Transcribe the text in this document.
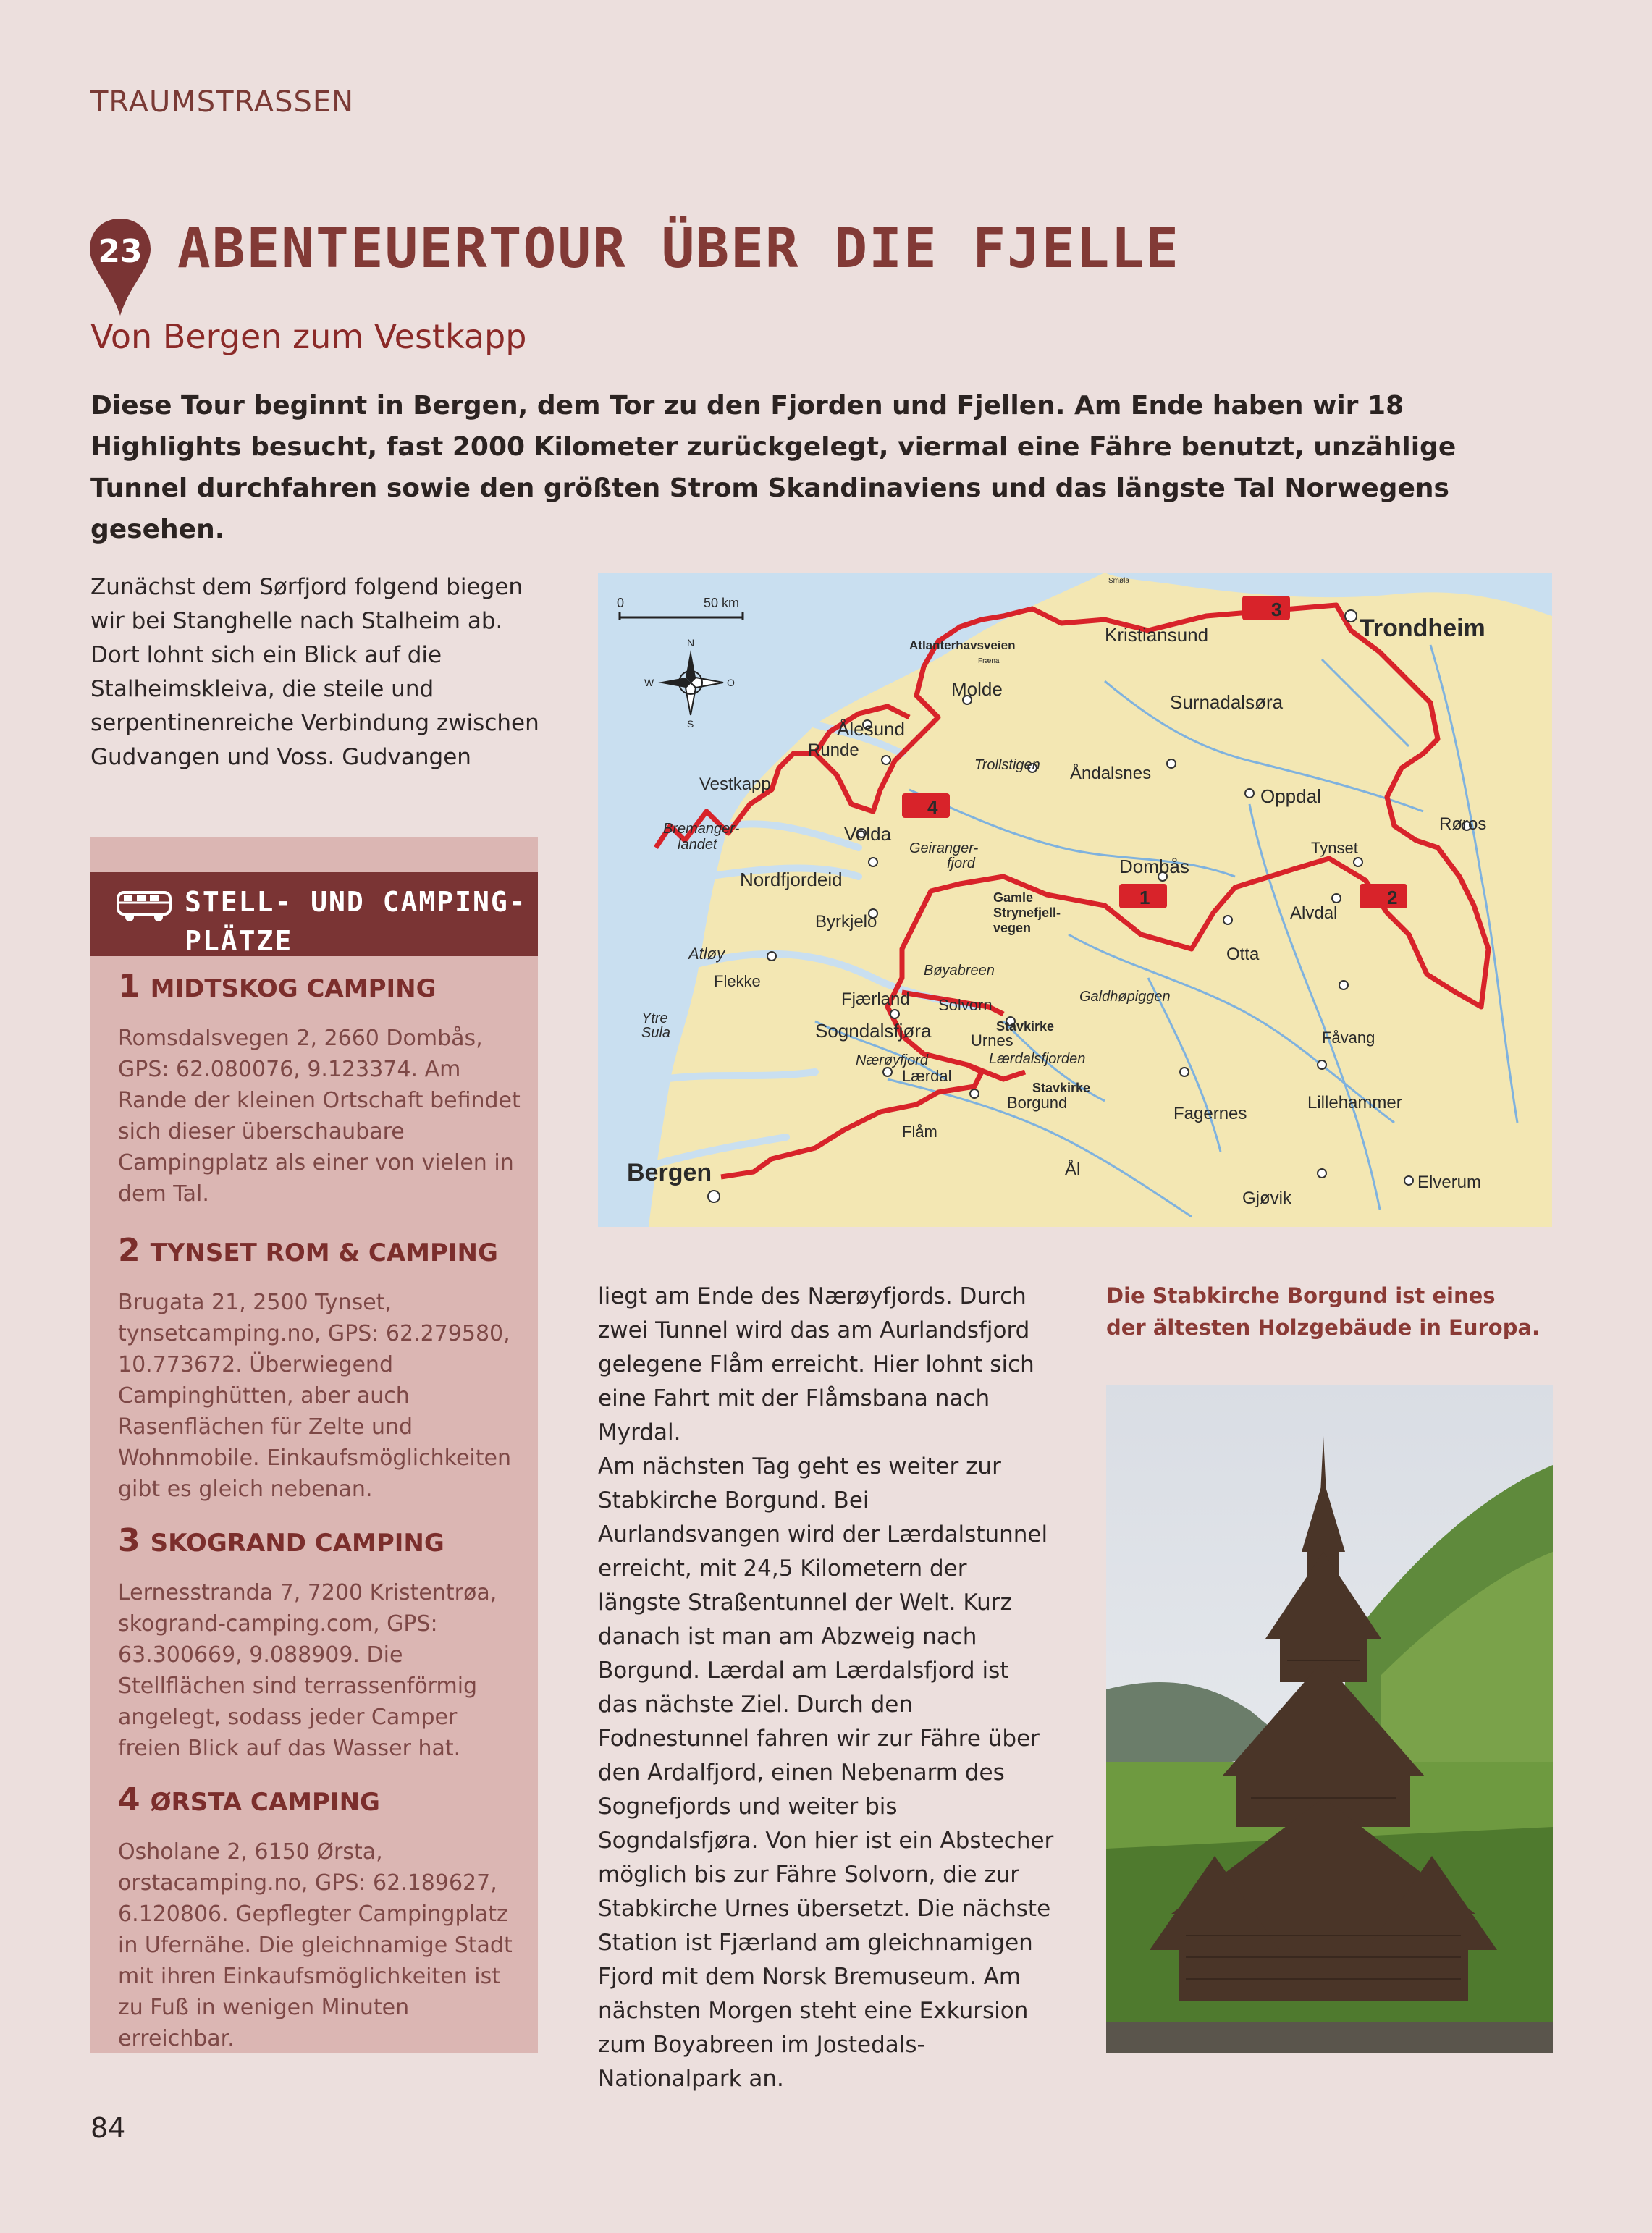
TRAUMSTRASSEN
23 ABENTEUERTOUR ÜBER DIE FJELLE
Von Bergen zum Vestkapp
Diese Tour beginnt in Bergen, dem Tor zu den Fjorden und Fjellen. Am Ende haben wir 18 Highlights besucht, fast 2000 Kilometer zurückgelegt, viermal eine Fähre benutzt, unzählige Tunnel durchfahren sowie den größten Strom Skandinaviens und das längste Tal Norwegens gesehen.
Zunächst dem Sørfjord folgend biegen wir bei Stanghelle nach Stalheim ab. Dort lohnt sich ein Blick auf die Stalheimskleiva, die steile und serpentinenreiche Verbindung zwischen Gudvangen und Voss. Gudvangen
0	50 km
N
S
W	O
1	2
3
4
Trondheim
Bergen
Kristiansund
Atlanterhavsveien
Molde
Ålesund
Runde
Trollstigen Åndalsnes
Surnadalsøra
Oppdal
Røros
Vestkapp
Bremanger-
landet	Volda
Geiranger-
fjord
Nordfjordeid
Dombås
Tynset
Gamle
Strynefjell-
vegen
Byrkjelo	Alvdal
Otta
Atløy
Flekke
Bøyabreen
Galdhøpiggen
Fjærland Solvorn
Ytre
Sula	Sogndalsfjøra	Stavkirke
Urnes	Fåvang
Nærøyfjord	Lærdalsfjorden
Lærdal
Stavkirke
Borgund	Lillehammer
Fagernes
Flåm
Ål
Elverum
Gjøvik
Smøla
Fræna
STELL- UND CAMPING-
PLÄTZE
1 MIDTSKOG CAMPING
Romsdalsvegen 2, 2660 Dombås, GPS: 62.080076, 9.123374. Am Rande der kleinen Ortschaft befindet sich dieser überschaubare Campingplatz als einer von vielen in dem Tal.
2 TYNSET ROM & CAMPING
Brugata 21, 2500 Tynset, tynsetcamping.no, GPS: 62.279580, 10.773672. Überwiegend Campinghütten, aber auch Rasenflächen für Zelte und Wohnmobile. Einkaufsmöglichkeiten gibt es gleich nebenan.
3 SKOGRAND CAMPING
Lernesstranda 7, 7200 Kristentrøa, skogrand-camping.com, GPS: 63.300669, 9.088909. Die Stellflächen sind terrassenförmig angelegt, sodass jeder Camper freien Blick auf das Wasser hat.
4 ØRSTA CAMPING
Osholane 2, 6150 Ørsta, orstacamping.no, GPS: 62.189627, 6.120806. Gepflegter Campingplatz in Ufernähe. Die gleichnamige Stadt mit ihren Einkaufsmöglichkeiten ist zu Fuß in wenigen Minuten erreichbar.
liegt am Ende des Nærøyfjords. Durch zwei Tunnel wird das am Aurlandsfjord gelegene Flåm erreicht. Hier lohnt sich eine Fahrt mit der Flåmsbana nach Myrdal.
Am nächsten Tag geht es weiter zur Stabkirche Borgund. Bei Aurlandsvangen wird der Lærdalstunnel erreicht, mit 24,5 Kilometern der längste Straßentunnel der Welt. Kurz danach ist man am Abzweig nach Borgund. Lærdal am Lærdalsfjord ist das nächste Ziel. Durch den Fodnestunnel fahren wir zur Fähre über den Ardalfjord, einen Nebenarm des Sognefjords und weiter bis Sogndalsfjøra. Von hier ist ein Abstecher möglich bis zur Fähre Solvorn, die zur Stabkirche Urnes übersetzt. Die nächste Station ist Fjærland am gleichnamigen Fjord mit dem Norsk Bremuseum. Am nächsten Morgen steht eine Exkursion zum Boyabreen im Jostedals-Nationalpark an.
Die Stabkirche Borgund ist eines der ältesten Holzgebäude in Europa.
84
